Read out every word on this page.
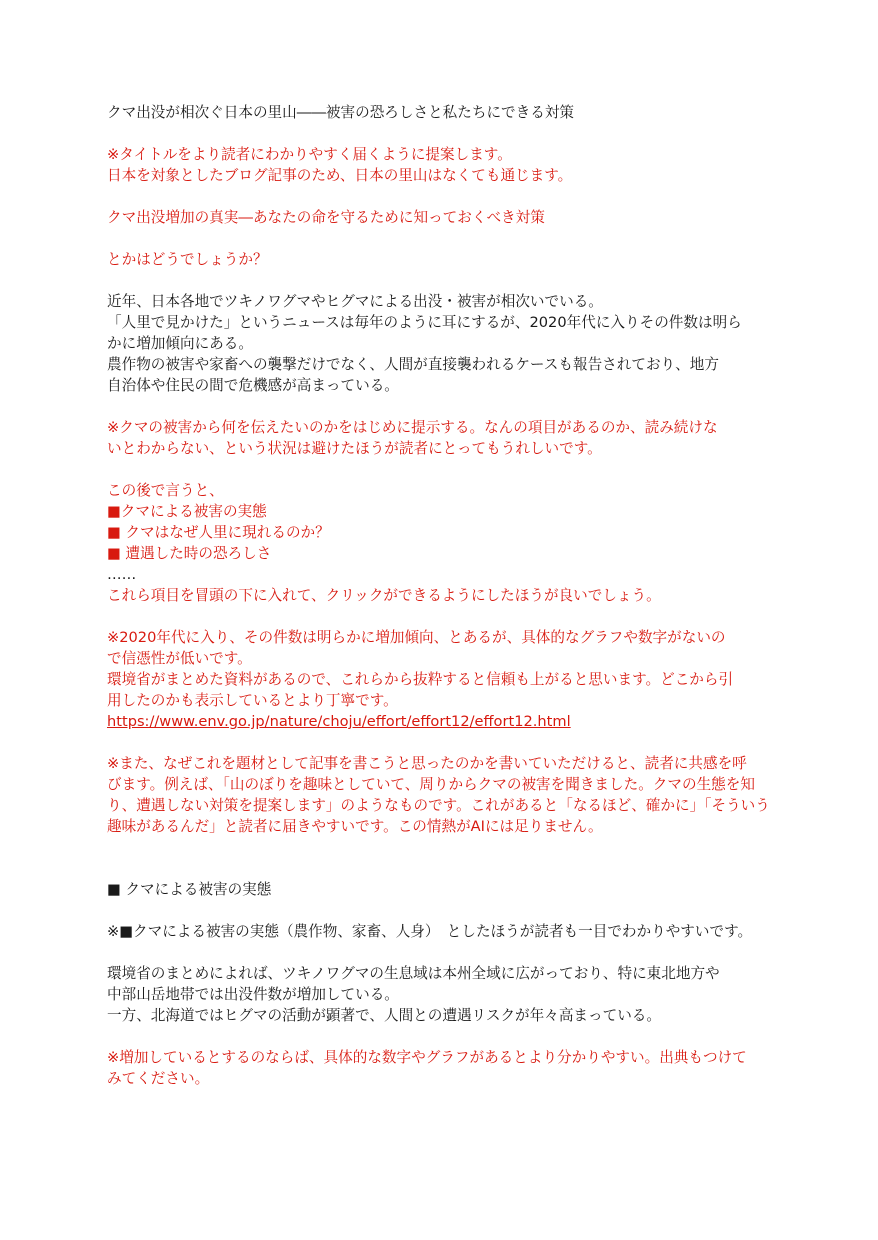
クマ出没が相次ぐ日本の里山――被害の恐ろしさと私たちにできる対策
※タイトルをより読者にわかりやすく届くように提案します。
日本を対象としたブログ記事のため、日本の里山はなくても通じます。
クマ出没増加の真実―あなたの命を守るために知っておくべき対策
とかはどうでしょうか？
近年、日本各地でツキノワグマやヒグマによる出没・被害が相次いでいる。
「人里で見かけた」というニュースは毎年のように耳にするが、2020年代に入りその件数は明ら
かに増加傾向にある。
農作物の被害や家畜への襲撃だけでなく、人間が直接襲われるケースも報告されており、地方
自治体や住民の間で危機感が高まっている。
※クマの被害から何を伝えたいのかをはじめに提示する。なんの項目があるのか、読み続けな
いとわからない、という状況は避けたほうが読者にとってもうれしいです。
この後で言うと、
■クマによる被害の実態
■ クマはなぜ人里に現れるのか？
■ 遭遇した時の恐ろしさ
……
これら項目を冒頭の下に入れて、クリックができるようにしたほうが良いでしょう。
※2020年代に入り、その件数は明らかに増加傾向、とあるが、具体的なグラフや数字がないの
で信憑性が低いです。
環境省がまとめた資料があるので、これらから抜粋すると信頼も上がると思います。どこから引
用したのかも表示しているとより丁寧です。
https://www.env.go.jp/nature/choju/effort/effort12/effort12.html
※また、なぜこれを題材として記事を書こうと思ったのかを書いていただけると、読者に共感を呼
びます。例えば、「山のぼりを趣味としていて、周りからクマの被害を聞きました。クマの生態を知
り、遭遇しない対策を提案します」のようなものです。これがあると「なるほど、確かに」「そういう
趣味があるんだ」と読者に届きやすいです。この情熱がAIには足りません。
■ クマによる被害の実態
※■クマによる被害の実態（農作物、家畜、人身）　としたほうが読者も一目でわかりやすいです。
環境省のまとめによれば、ツキノワグマの生息域は本州全域に広がっており、特に東北地方や
中部山岳地帯では出没件数が増加している。
一方、北海道ではヒグマの活動が顕著で、人間との遭遇リスクが年々高まっている。
※増加しているとするのならば、具体的な数字やグラフがあるとより分かりやすい。出典もつけて
みてください。
